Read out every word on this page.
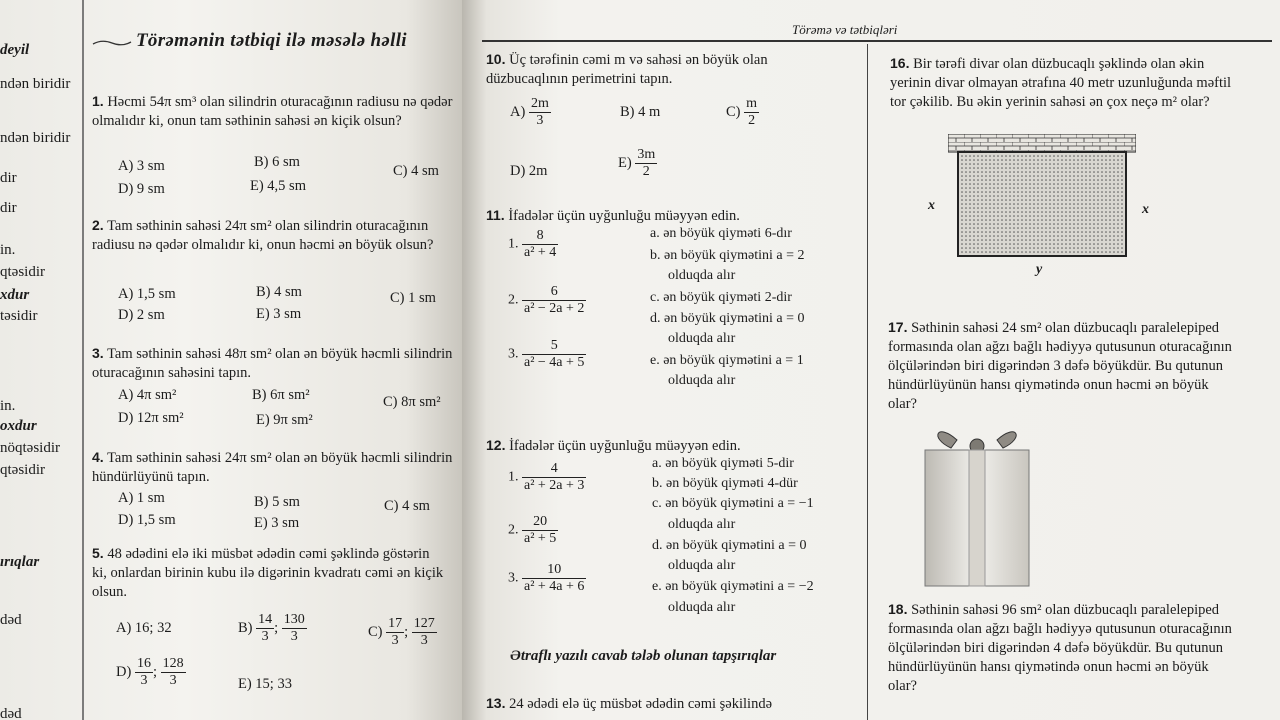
deyil
ndən biridir
ndən biridir
dir
dir
in.
qtəsidir
xdur
təsidir
in.
oxdur
nöqtəsidir
qtəsidir
ırıqlar
dəd
dəd
Törəmənin tətbiqi ilə məsələ həlli
1. Həcmi 54π sm³ olan silindrin oturacağının radiusu nə qədər olmalıdır ki, onun tam səthinin sahəsi ən kiçik olsun?
A) 3 sm	B) 6 sm
C) 4 sm
D) 9 sm	E) 4,5 sm
2. Tam səthinin sahəsi 24π sm² olan silindrin oturacağının radiusu nə qədər olmalıdır ki, onun həcmi ən böyük olsun?
A) 1,5 sm	B) 4 sm	C) 1 sm
D) 2 sm	E) 3 sm
3. Tam səthinin sahəsi 48π sm² olan ən böyük həcmli silindrin oturacağının sahəsini tapın.
A) 4π sm²	B) 6π sm²	C) 8π sm²
D) 12π sm²	E) 9π sm²
4. Tam səthinin sahəsi 24π sm² olan ən böyük həcmli silindrin hündürlüyünü tapın.
A) 1 sm	B) 5 sm	C) 4 sm
D) 1,5 sm	E) 3 sm
5. 48 ədədini elə iki müsbət ədədin cəmi şəklində göstərin ki, onlardan birinin kubu ilə digərinin kvadratı cəmi ən kiçik olsun.
A) 16; 32	$B) \frac{14}{3}$ ; $\frac{130}{3}$	$C) \frac{17}{3}$ ; $\frac{127}{3}$
$D) \frac{16}{3}$ ; $\frac{128}{3}$	E) 15; 33
Törəmə və tətbiqləri
10. Üç tərəfinin cəmi m və sahəsi ən böyük olan düzbucaqlının perimetrini tapın.
$A) \frac{2m}{3}$	B) 4 m	$C) \frac{m}{2}$
D) 2m
$E) \frac{3m}{2}$
11. İfadələr üçün uyğunluğu müəyyən edin.
1. $\frac{8}{\text{a² + 4}}$
2. $\frac{6}{\text{a² − 2a + 2}}$
3. $\frac{5}{\text{a² − 4a + 5}}$
a. ən böyük qiyməti 6-dır
b. ən böyük qiymətini a = 2
olduqda alır
c. ən böyük qiyməti 2-dir
d. ən böyük qiymətini a = 0
olduqda alır
e. ən böyük qiymətini a = 1
olduqda alır
12. İfadələr üçün uyğunluğu müəyyən edin.
1. $\frac{4}{\text{a² + 2a + 3}}$
2. $\frac{20}{\text{a² + 5}}$
3. $\frac{10}{\text{a² + 4a + 6}}$
a. ən böyük qiyməti 5-dir
b. ən böyük qiyməti 4-dür
c. ən böyük qiymətini a = −1
olduqda alır
d. ən böyük qiymətini a = 0
olduqda alır
e. ən böyük qiymətini a = −2
olduqda alır
Ətraflı yazılı cavab tələb olunan tapşırıqlar
13. 24 ədədi elə üç müsbət ədədin cəmi şəkilində
16. Bir tərəfi divar olan düzbucaqlı şəklində olan əkin yerinin divar olmayan ətrafına 40 metr uzunluğunda məftil tor çəkilib. Bu əkin yerinin sahəsi ən çox neçə m² olar?
x	x
y
17. Səthinin sahəsi 24 sm² olan düzbucaqlı paralelepiped formasında olan ağzı bağlı hədiyyə qutusunun oturacağının ölçülərindən biri digərindən 3 dəfə böyükdür. Bu qutunun hündürlüyünün hansı qiymətində onun həcmi ən böyük olar?
18. Səthinin sahəsi 96 sm² olan düzbucaqlı paralelepiped formasında olan ağzı bağlı hədiyyə qutusunun oturacağının ölçülərindən biri digərindən 4 dəfə böyükdür. Bu qutunun hündürlüyünün hansı qiymətində onun həcmi ən böyük olar?
